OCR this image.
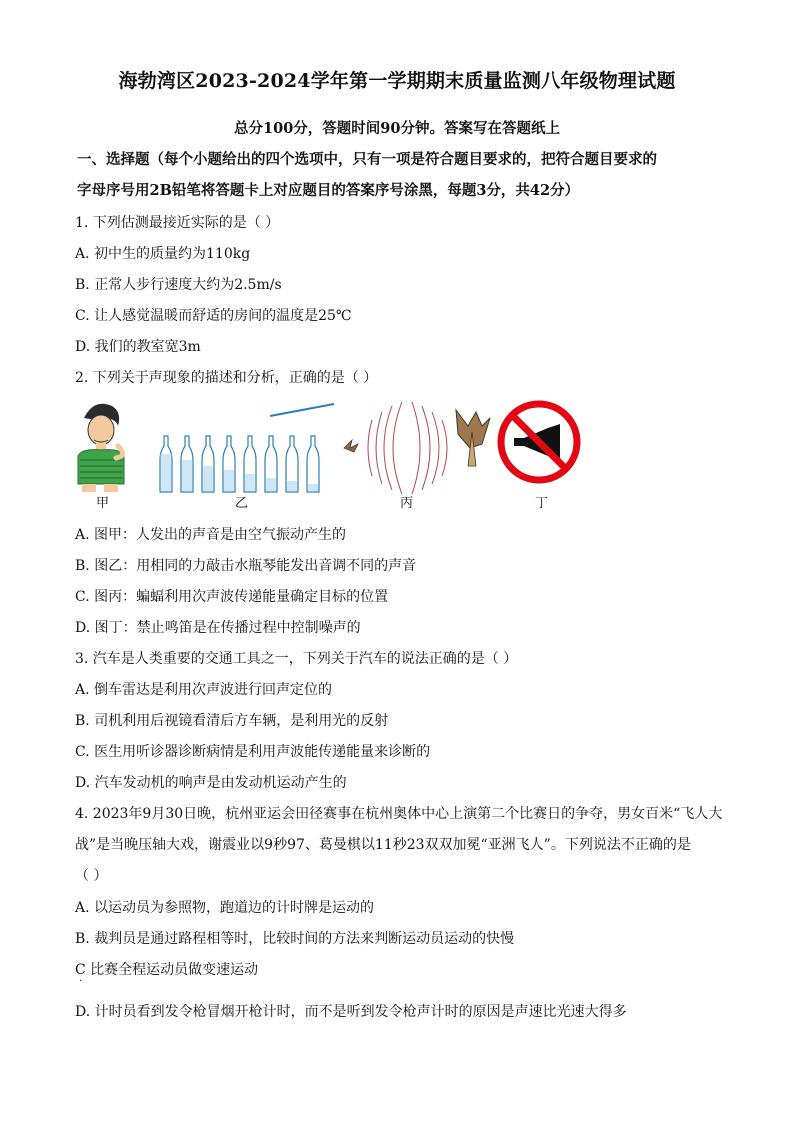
海勃湾区2023-2024学年第一学期期末质量监测八年级物理试题
总分100分，答题时间90分钟。答案写在答题纸上
一、选择题（每个小题给出的四个选项中，只有一项是符合题目要求的，把符合题目要求的
字母序号用2B铅笔将答题卡上对应题目的答案序号涂黑，每题3分，共42分）
1. 下列估测最接近实际的是（ ）
A. 初中生的质量约为110kg
B. 正常人步行速度大约为2.5m/s
C. 让人感觉温暖而舒适的房间的温度是25℃
D. 我们的教室宽3m
2. 下列关于声现象的描述和分析，正确的是（ ）
甲	乙	丙	丁
A. 图甲：人发出的声音是由空气振动产生的
B. 图乙：用相同的力敲击水瓶琴能发出音调不同的声音
C. 图丙：蝙蝠利用次声波传递能量确定目标的位置
D. 图丁：禁止鸣笛是在传播过程中控制噪声的
3. 汽车是人类重要的交通工具之一，下列关于汽车的说法正确的是（ ）
A. 倒车雷达是利用次声波进行回声定位的
B. 司机利用后视镜看清后方车辆，是利用光的反射
C. 医生用听诊器诊断病情是利用声波能传递能量来诊断的
D. 汽车发动机的响声是由发动机运动产生的
4. 2023年9月30日晚，杭州亚运会田径赛事在杭州奥体中心上演第二个比赛日的争夺，男女百米“飞人大
战”是当晚压轴大戏，谢震业以9秒97、葛曼棋以11秒23双双加冕“亚洲飞人”。下列说法不正确的是
（ ）
A. 以运动员为参照物，跑道边的计时牌是运动的
B. 裁判员是通过路程相等时，比较时间的方法来判断运动员运动的快慢
C 比赛全程运动员做变速运动
·
D. 计时员看到发令枪冒烟开枪计时，而不是听到发令枪声计时的原因是声速比光速大得多
